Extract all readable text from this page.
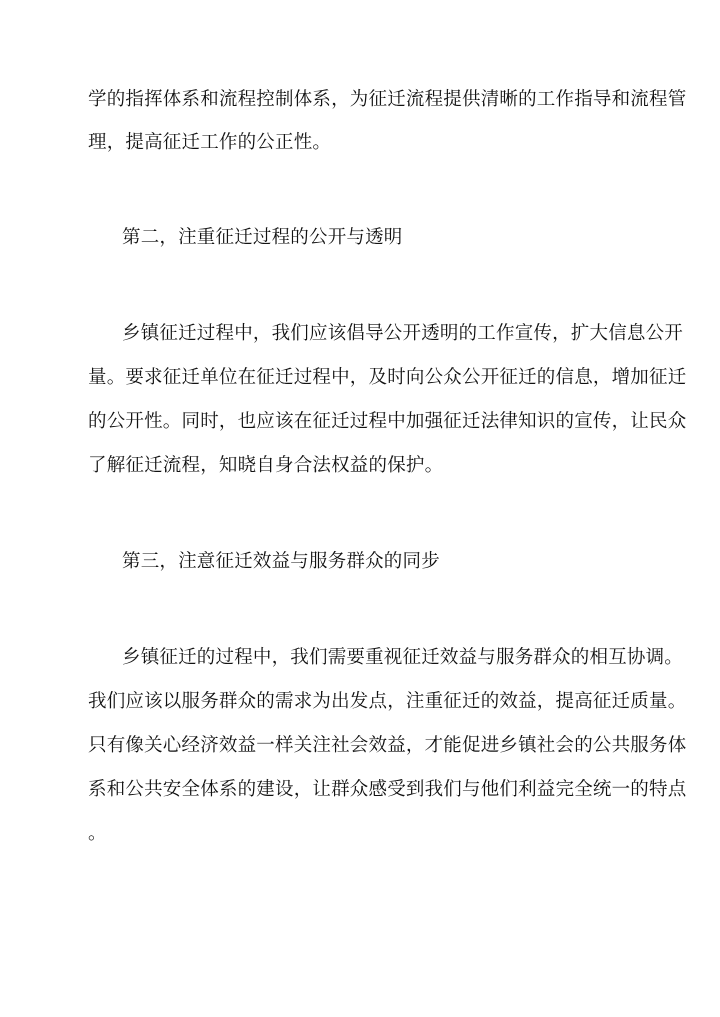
学的指挥体系和流程控制体系，为征迁流程提供清晰的工作指导和流程管
理，提高征迁工作的公正性。
第二，注重征迁过程的公开与透明
乡镇征迁过程中，我们应该倡导公开透明的工作宣传，扩大信息公开
量。要求征迁单位在征迁过程中，及时向公众公开征迁的信息，增加征迁
的公开性。同时，也应该在征迁过程中加强征迁法律知识的宣传，让民众
了解征迁流程，知晓自身合法权益的保护。
第三，注意征迁效益与服务群众的同步
乡镇征迁的过程中，我们需要重视征迁效益与服务群众的相互协调。
我们应该以服务群众的需求为出发点，注重征迁的效益，提高征迁质量。
只有像关心经济效益一样关注社会效益，才能促进乡镇社会的公共服务体
系和公共安全体系的建设，让群众感受到我们与他们利益完全统一的特点
。
